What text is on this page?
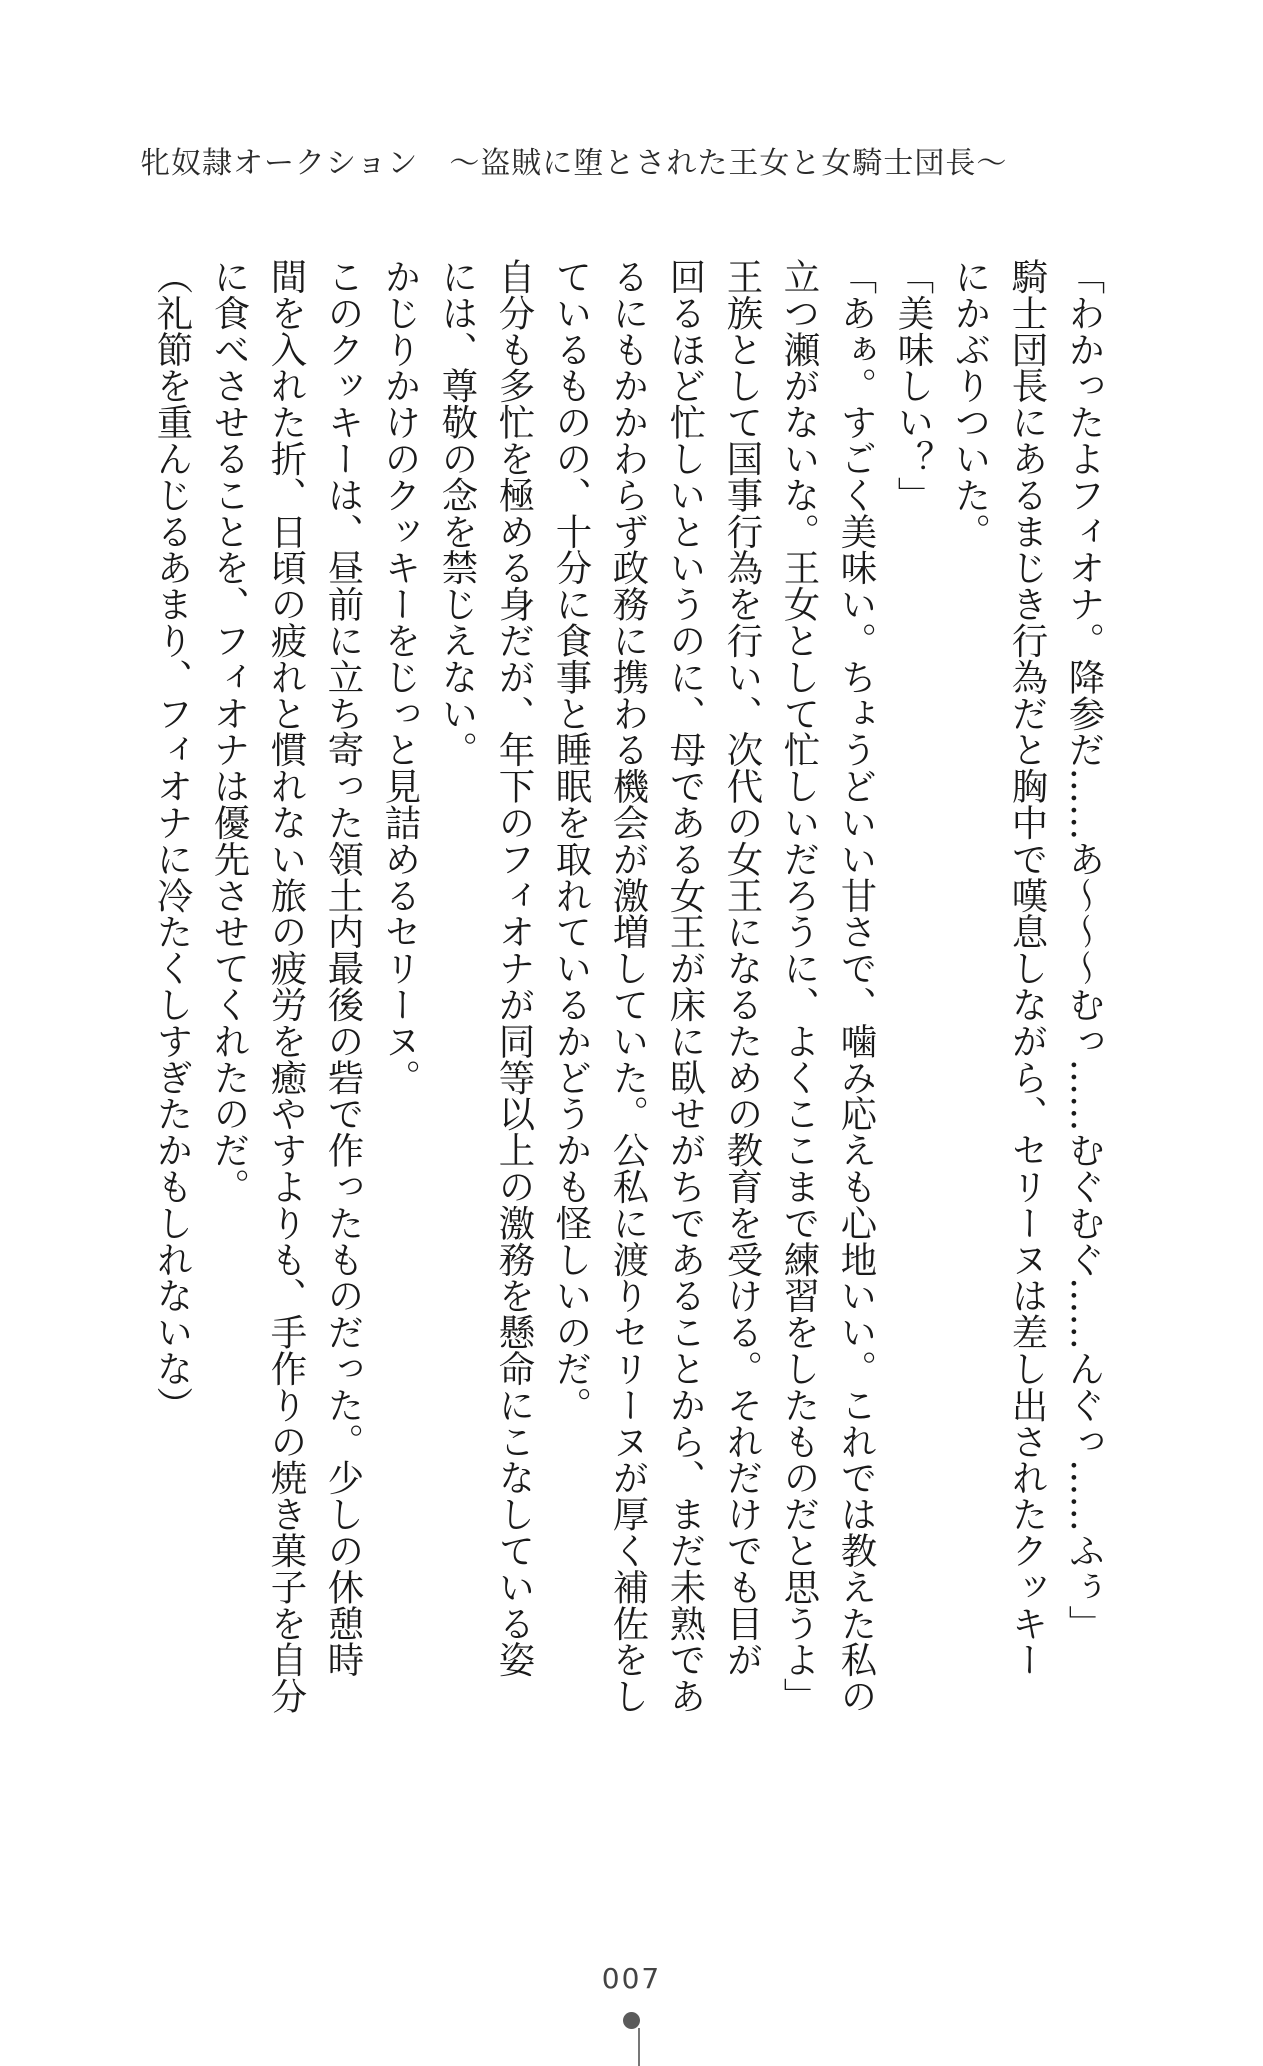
牝奴隷オークション　～盗賊に堕とされた王女と女騎士団長～

「わかったよフィオナ。降参だ……あ～～～むっ……むぐむぐ……んぐっ……ふぅ」

騎士団長にあるまじき行為だと胸中で嘆息しながら、セリーヌは差し出されたクッキー

にかぶりついた。

「美味しい？」

「あぁ。すごく美味い。ちょうどいい甘さで、噛み応えも心地いい。これでは教えた私の

立つ瀬がないな。王女として忙しいだろうに、よくここまで練習をしたものだと思うよ」

王族として国事行為を行い、次代の女王になるための教育を受ける。それだけでも目が

回るほど忙しいというのに、母である女王が床に臥せがちであることから、まだ未熟であ

るにもかかわらず政務に携わる機会が激増していた。公私に渡りセリーヌが厚く補佐をし

ているものの、十分に食事と睡眠を取れているかどうかも怪しいのだ。

自分も多忙を極める身だが、年下のフィオナが同等以上の激務を懸命にこなしている姿

には、尊敬の念を禁じえない。

かじりかけのクッキーをじっと見詰めるセリーヌ。

このクッキーは、昼前に立ち寄った領土内最後の砦で作ったものだった。少しの休憩時

間を入れた折、日頃の疲れと慣れない旅の疲労を癒やすよりも、手作りの焼き菓子を自分

に食べさせることを、フィオナは優先させてくれたのだ。

（礼節を重んじるあまり、フィオナに冷たくしすぎたかもしれないな）

007
